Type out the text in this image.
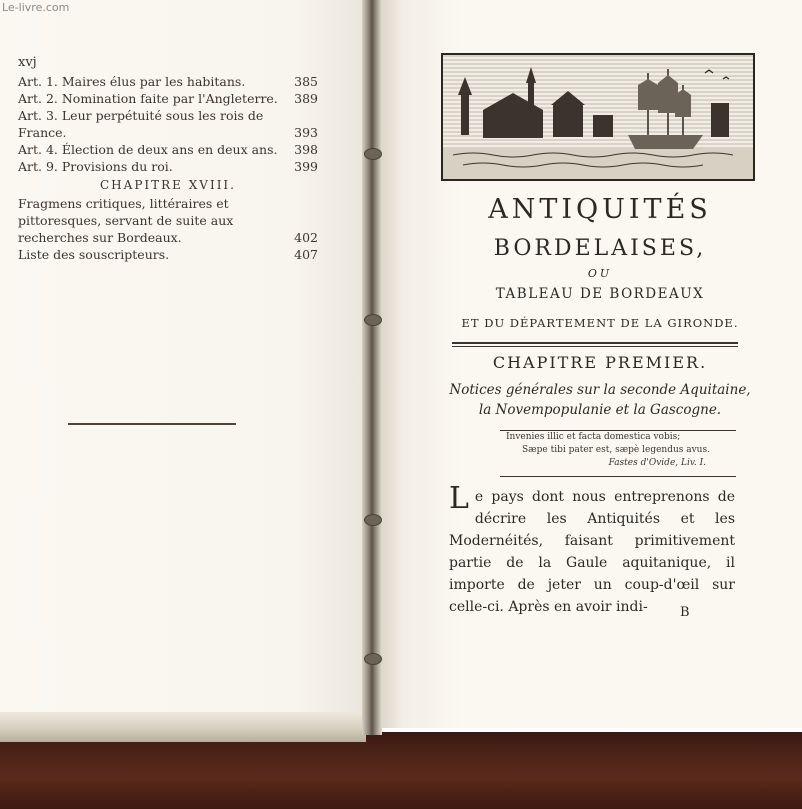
Le-livre.com
xvj
Art. 1. Maires élus par les habitans.	385
Art. 2. Nomination faite par l'Angleterre. 389
Art. 3. Leur perpétuité sous les rois de France.	393
Art. 4. Élection de deux ans en deux ans. 398
Art. 9. Provisions du roi.	399
CHAPITRE XVIII.
Fragmens critiques, littéraires et pittoresques, servant de suite aux recherches sur Bordeaux.	402
Liste des souscripteurs.	407
ANTIQUITÉS
BORDELAISES,
OU
TABLEAU DE BORDEAUX
ET DU DÉPARTEMENT DE LA GIRONDE.
CHAPITRE PREMIER.
Notices générales sur la seconde Aquitaine,
la Novempopulanie et la Gascogne.
Invenies illic et facta domestica vobis;
Sæpe tibi pater est, sæpè legendus avus.
Fastes d'Ovide, Liv. I.
Le pays dont nous entreprenons de décrire les Antiquités et les Modernéités, faisant primitivement partie de la Gaule aquitanique, il importe de jeter un coup-d'œil sur celle-ci. Après en avoir indi-	B
